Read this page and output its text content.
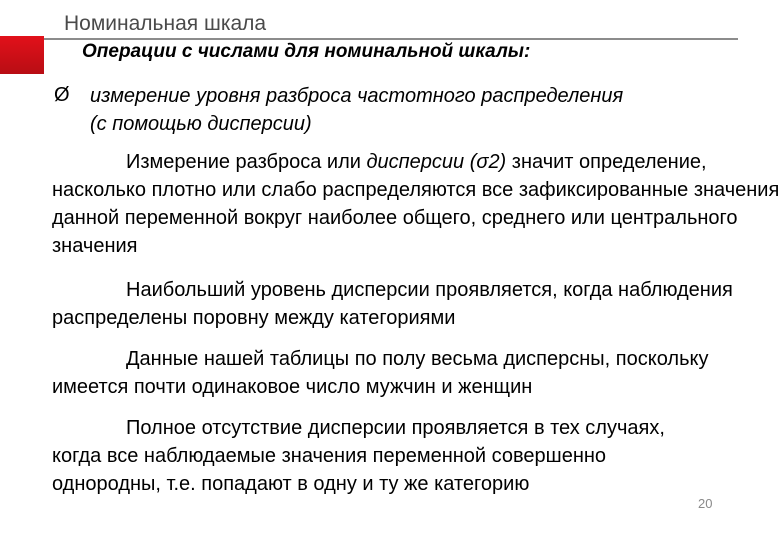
Номинальная шкала
Операции с числами для номинальной шкалы:
Ø измерение уровня разброса частотного распределения
(с помощью дисперсии)
Измерение разброса или дисперсии (σ2) значит определение, насколько плотно или слабо распределяются все зафиксированные значения данной переменной вокруг наиболее общего, среднего или центрального значения
Наибольший уровень дисперсии проявляется, когда наблюдения распределены поровну между категориями
Данные нашей таблицы по полу весьма дисперсны, поскольку имеется почти одинаковое число мужчин и женщин
Полное отсутствие дисперсии проявляется в тех случаях, когда все наблюдаемые значения переменной совершенно однородны, т.е. попадают в одну и ту же категорию
20
